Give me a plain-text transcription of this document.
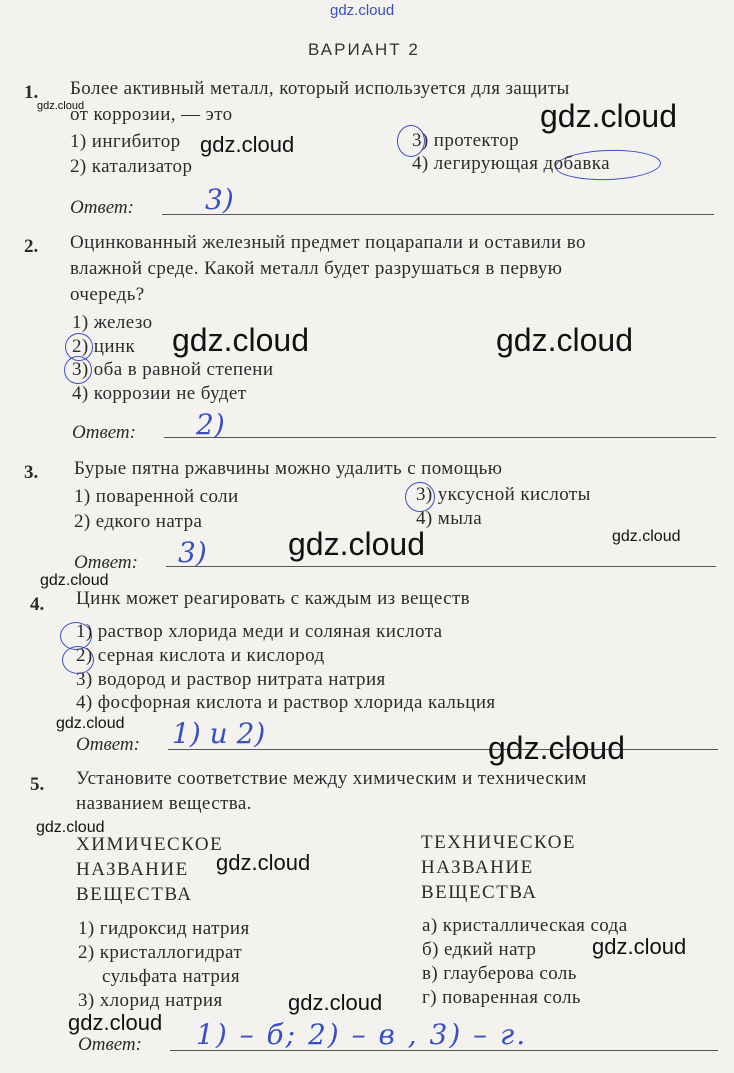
gdz.cloud
ВАРИАНТ 2
1.
gdz.cloud
Более активный металл, который используется для защиты
от коррозии, — это	gdz.cloud
1) ингибитор gdz.cloud
2) катализатор
3) протектор
4) легирующая добавка
Ответ:	3)
2. Оцинкованный железный предмет поцарапали и оставили во
влажной среде. Какой металл будет разрушаться в первую
очередь?
1) железо
2) цинк gdz.cloud	gdz.cloud
3) оба в равной степени
4) коррозии не будет
Ответ: 2)
3. Бурые пятна ржавчины можно удалить с помощью
1) поваренной соли
2) едкого натра
3) уксусной кислоты
4) мыла
gdz.cloud
gdz.cloud
Ответ: 3)
gdz.cloud
4. Цинк может реагировать с каждым из веществ
1) раствор хлорида меди и соляная кислота
2) серная кислота и кислород
3) водород и раствор нитрата натрия
4) фосфорная кислота и раствор хлорида кальция
gdz.cloud
Ответ: 1) и 2)	gdz.cloud
5. Установите соответствие между химическим и техническим
названием вещества.
gdz.cloud
ХИМИЧЕСКОЕ
НАЗВАНИЕ
ВЕЩЕСТВА
gdz.cloud
ТЕХНИЧЕСКОЕ
НАЗВАНИЕ
ВЕЩЕСТВА
1) гидроксид натрия
2) кристаллогидрат
сульфата натрия
3) хлорид натрия	gdz.cloud
а) кристаллическая сода
б) едкий натр	gdz.cloud
в) глауберова соль
г) поваренная соль
gdz.cloud
Ответ: 1) – б; 2) – в , 3) – г.
